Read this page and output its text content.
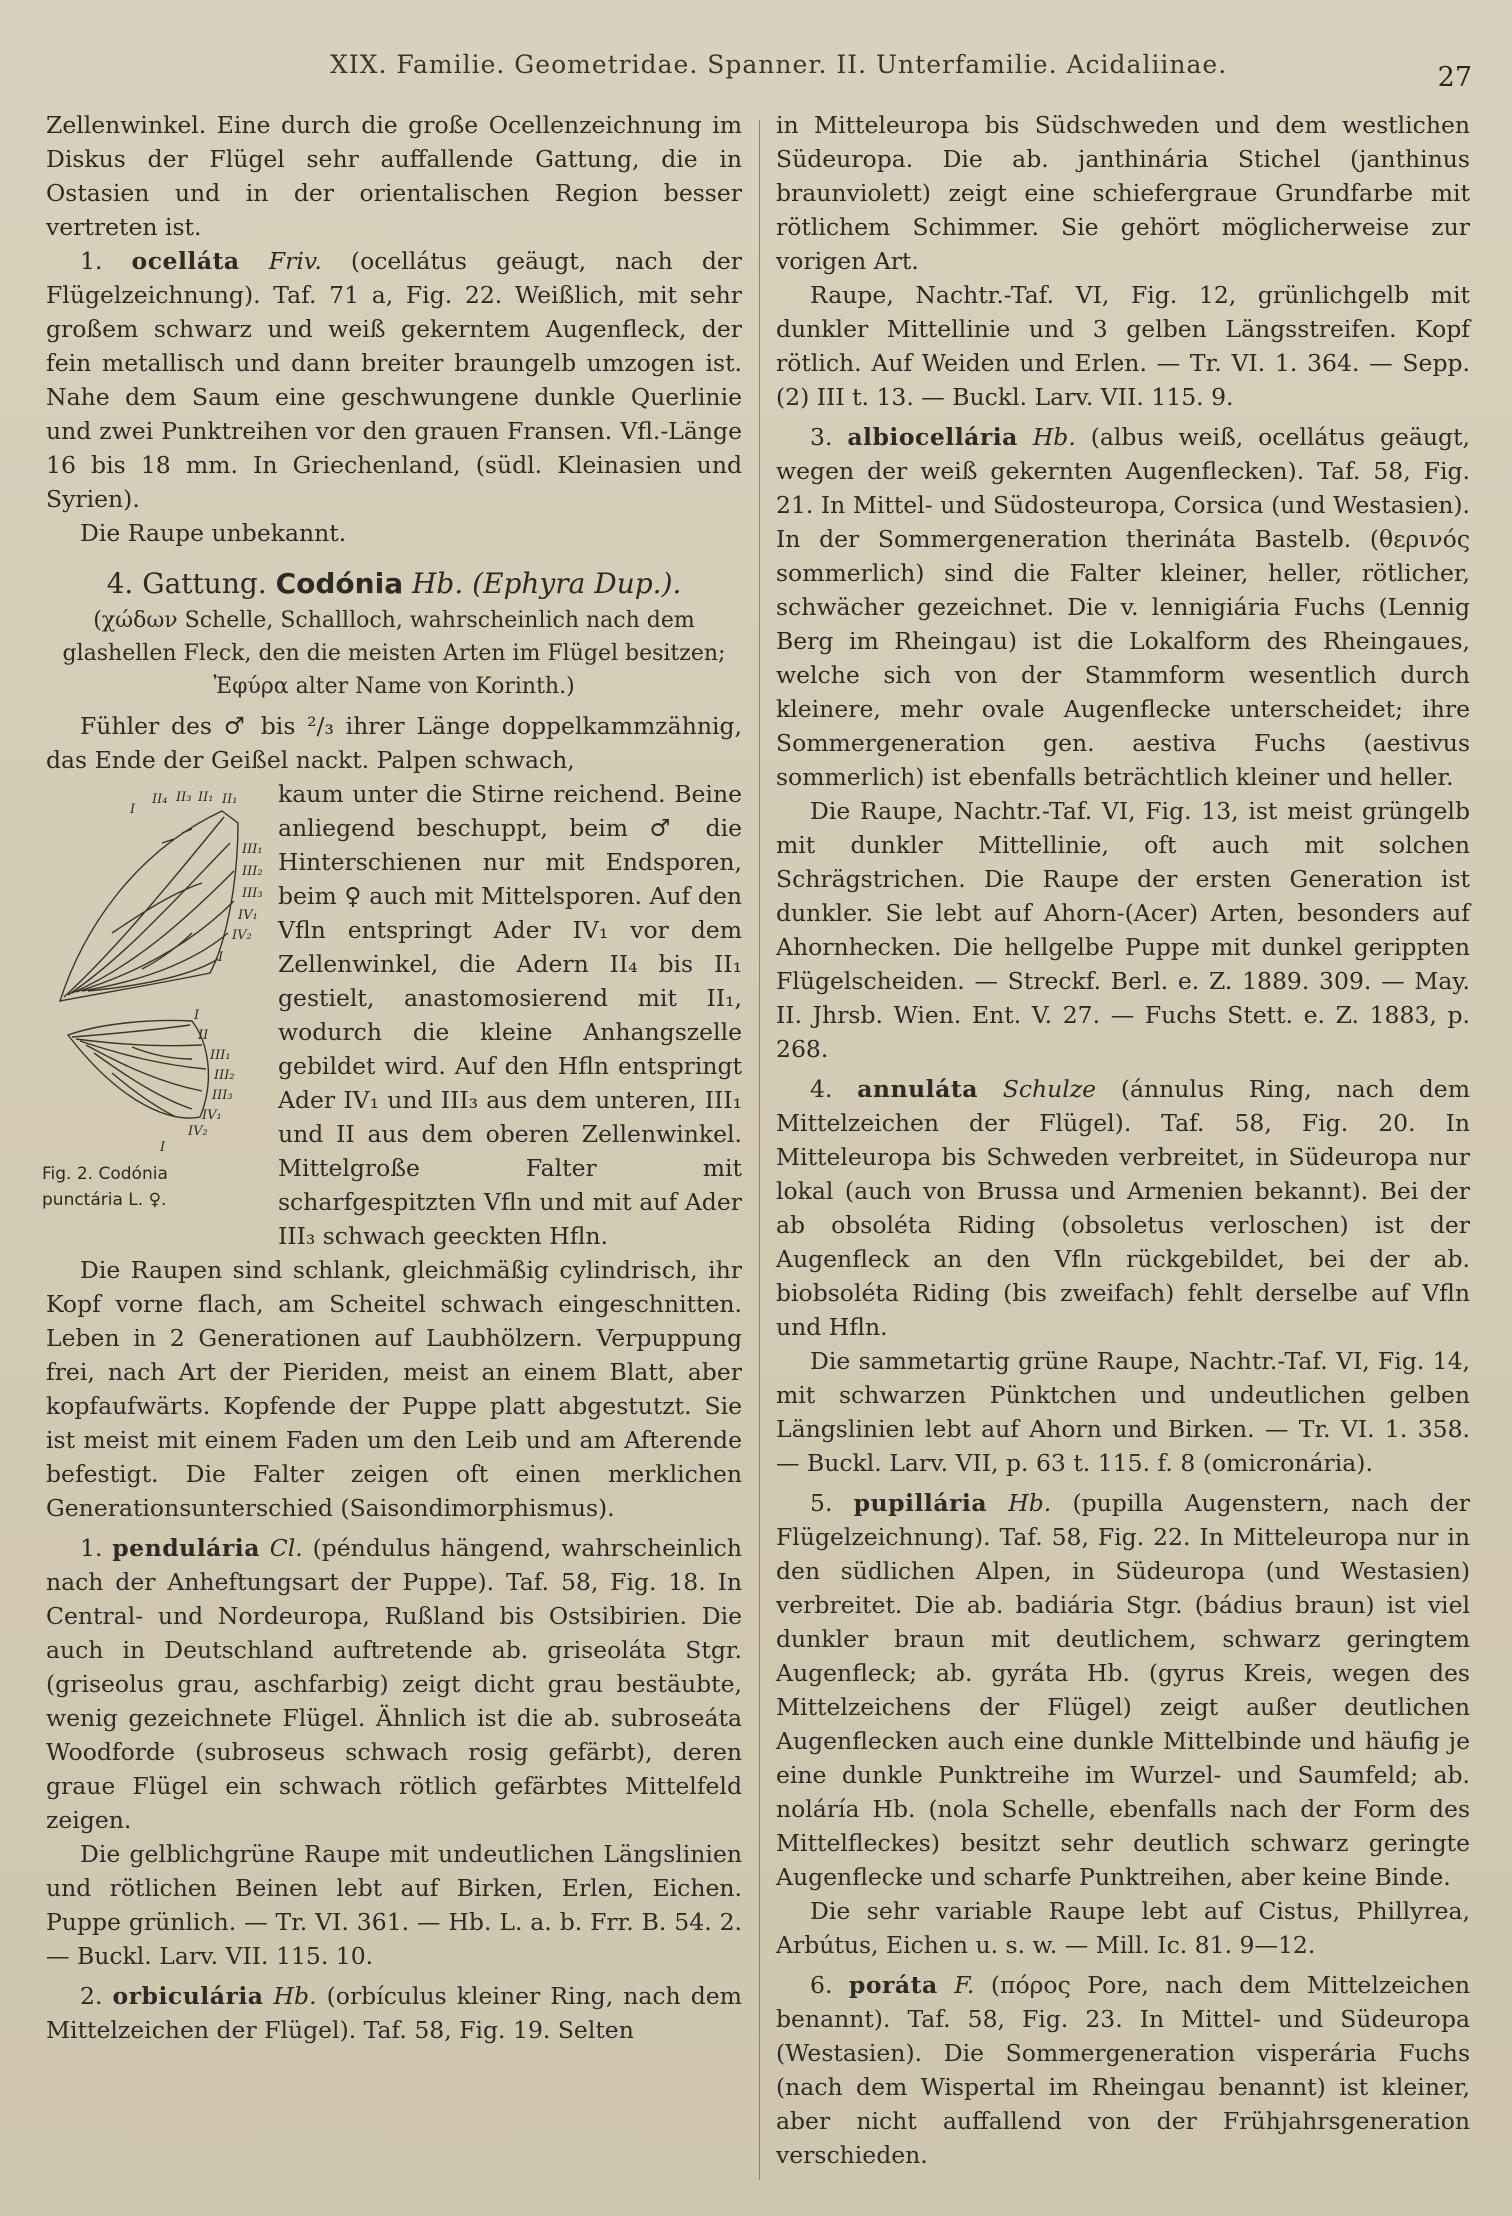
XIX. Familie. Geometridae. Spanner. II. Unterfamilie. Acidaliinae.	27

Zellenwinkel. Eine durch die große Ocellenzeichnung im Diskus der Flügel sehr auffallende Gattung, die in Ostasien und in der orientalischen Region besser vertreten ist.

1. ocelláta Friv. (ocellátus geäugt, nach der Flügelzeichnung). Taf. 71 a, Fig. 22. Weißlich, mit sehr großem schwarz und weiß gekerntem Augenfleck, der fein metallisch und dann breiter braungelb umzogen ist. Nahe dem Saum eine geschwungene dunkle Querlinie und zwei Punktreihen vor den grauen Fransen. Vfl.-Länge 16 bis 18 mm. In Griechenland, (südl. Kleinasien und Syrien).

Die Raupe unbekannt.

4. Gattung. Codónia Hb. (Ephyra Dup.).

(χώδων Schelle, Schallloch, wahrscheinlich nach dem glashellen Fleck, den die meisten Arten im Flügel besitzen; Ἐφύρα alter Name von Korinth.)

Fühler des ♂ bis ²/₃ ihrer Länge doppelkammzähnig, das Ende der Geißel nackt. Palpen schwach,

II₄ II₃ II₁ II₁
I
III₁
III₂
III₃
IV₁
IV₂
I
I
II
III₁
III₂
III₃
IV₁
IV₂
I
Fig. 2. Codónia
punctária L. ♀.

kaum unter die Stirne reichend. Beine anliegend beschuppt, beim ♂ die Hinterschienen nur mit Endsporen, beim ♀ auch mit Mittelsporen. Auf den Vfln entspringt Ader IV₁ vor dem Zellenwinkel, die Adern II₄ bis II₁ gestielt, anastomosierend mit II₁, wodurch die kleine Anhangszelle gebildet wird. Auf den Hfln entspringt Ader IV₁ und III₃ aus dem unteren, III₁ und II aus dem oberen Zellenwinkel. Mittelgroße Falter mit scharfgespitzten Vfln und mit auf Ader III₃ schwach geeckten Hfln.

Die Raupen sind schlank, gleichmäßig cylindrisch, ihr Kopf vorne flach, am Scheitel schwach eingeschnitten. Leben in 2 Generationen auf Laubhölzern. Verpuppung frei, nach Art der Pieriden, meist an einem Blatt, aber kopfaufwärts. Kopfende der Puppe platt abgestutzt. Sie ist meist mit einem Faden um den Leib und am Afterende befestigt. Die Falter zeigen oft einen merklichen Generationsunterschied (Saisondimorphismus).

1. pendulária Cl. (péndulus hängend, wahrscheinlich nach der Anheftungsart der Puppe). Taf. 58, Fig. 18. In Central- und Nordeuropa, Rußland bis Ostsibirien. Die auch in Deutschland auftretende ab. griseoláta Stgr. (griseolus grau, aschfarbig) zeigt dicht grau bestäubte, wenig gezeichnete Flügel. Ähnlich ist die ab. subroseáta Woodforde (subroseus schwach rosig gefärbt), deren graue Flügel ein schwach rötlich gefärbtes Mittelfeld zeigen.

Die gelblichgrüne Raupe mit undeutlichen Längslinien und rötlichen Beinen lebt auf Birken, Erlen, Eichen. Puppe grünlich. — Tr. VI. 361. — Hb. L. a. b. Frr. B. 54. 2. — Buckl. Larv. VII. 115. 10.

2. orbiculária Hb. (orbículus kleiner Ring, nach dem Mittelzeichen der Flügel). Taf. 58, Fig. 19. Selten

in Mitteleuropa bis Südschweden und dem westlichen Südeuropa. Die ab. janthinária Stichel (janthinus braunviolett) zeigt eine schiefergraue Grundfarbe mit rötlichem Schimmer. Sie gehört möglicherweise zur vorigen Art.

Raupe, Nachtr.-Taf. VI, Fig. 12, grünlichgelb mit dunkler Mittellinie und 3 gelben Längsstreifen. Kopf rötlich. Auf Weiden und Erlen. — Tr. VI. 1. 364. — Sepp. (2) III t. 13. — Buckl. Larv. VII. 115. 9.

3. albiocellária Hb. (albus weiß, ocellátus geäugt, wegen der weiß gekernten Augenflecken). Taf. 58, Fig. 21. In Mittel- und Südosteuropa, Corsica (und Westasien). In der Sommergeneration therináta Bastelb. (θερινός sommerlich) sind die Falter kleiner, heller, rötlicher, schwächer gezeichnet. Die v. lennigiária Fuchs (Lennig Berg im Rheingau) ist die Lokalform des Rheingaues, welche sich von der Stammform wesentlich durch kleinere, mehr ovale Augenflecke unterscheidet; ihre Sommergeneration gen. aestiva Fuchs (aestivus sommerlich) ist ebenfalls beträchtlich kleiner und heller.

Die Raupe, Nachtr.-Taf. VI, Fig. 13, ist meist grüngelb mit dunkler Mittellinie, oft auch mit solchen Schrägstrichen. Die Raupe der ersten Generation ist dunkler. Sie lebt auf Ahorn-(Acer) Arten, besonders auf Ahornhecken. Die hellgelbe Puppe mit dunkel gerippten Flügelscheiden. — Streckf. Berl. e. Z. 1889. 309. — May. II. Jhrsb. Wien. Ent. V. 27. — Fuchs Stett. e. Z. 1883, p. 268.

4. annuláta Schulze (ánnulus Ring, nach dem Mittelzeichen der Flügel). Taf. 58, Fig. 20. In Mitteleuropa bis Schweden verbreitet, in Südeuropa nur lokal (auch von Brussa und Armenien bekannt). Bei der ab obsoléta Riding (obsoletus verloschen) ist der Augenfleck an den Vfln rückgebildet, bei der ab. biobsoléta Riding (bis zweifach) fehlt derselbe auf Vfln und Hfln.

Die sammetartig grüne Raupe, Nachtr.-Taf. VI, Fig. 14, mit schwarzen Pünktchen und undeutlichen gelben Längslinien lebt auf Ahorn und Birken. — Tr. VI. 1. 358. — Buckl. Larv. VII, p. 63 t. 115. f. 8 (omicronária).

5. pupillária Hb. (pupilla Augenstern, nach der Flügelzeichnung). Taf. 58, Fig. 22. In Mitteleuropa nur in den südlichen Alpen, in Südeuropa (und Westasien) verbreitet. Die ab. badiária Stgr. (bádius braun) ist viel dunkler braun mit deutlichem, schwarz geringtem Augenfleck; ab. gyráta Hb. (gyrus Kreis, wegen des Mittelzeichens der Flügel) zeigt außer deutlichen Augenflecken auch eine dunkle Mittelbinde und häufig je eine dunkle Punktreihe im Wurzel- und Saumfeld; ab. noláría Hb. (nola Schelle, ebenfalls nach der Form des Mittelfleckes) besitzt sehr deutlich schwarz geringte Augenflecke und scharfe Punktreihen, aber keine Binde.

Die sehr variable Raupe lebt auf Cistus, Phillyrea, Arbútus, Eichen u. s. w. — Mill. Ic. 81. 9—12.

6. poráta F. (πόρος Pore, nach dem Mittelzeichen benannt). Taf. 58, Fig. 23. In Mittel- und Südeuropa (Westasien). Die Sommergeneration visperária Fuchs (nach dem Wispertal im Rheingau benannt) ist kleiner, aber nicht auffallend von der Frühjahrsgeneration verschieden.
